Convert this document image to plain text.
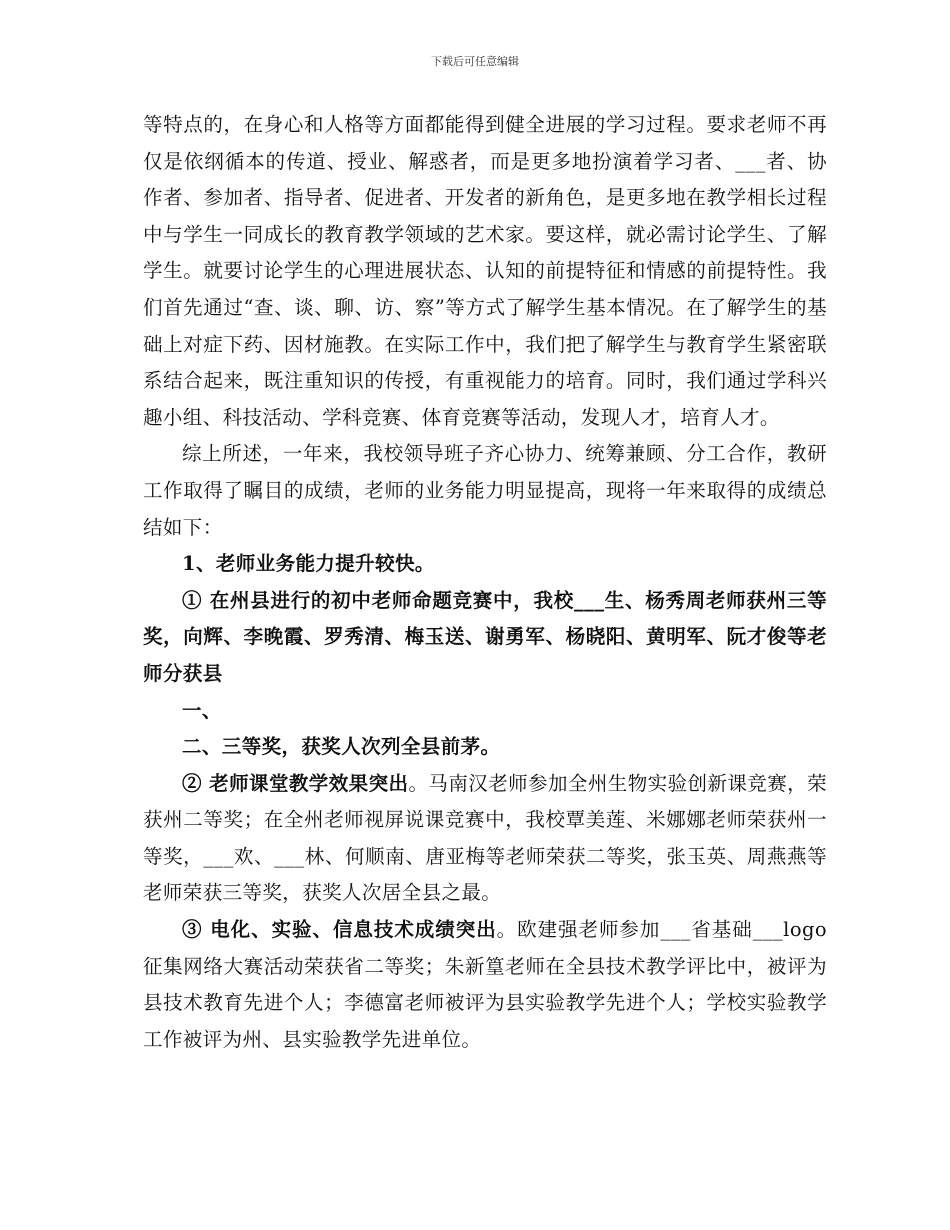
下载后可任意编辑

等特点的，在身心和人格等方面都能得到健全进展的学习过程。要求老师不再仅是依纲循本的传道、授业、解惑者，而是更多地扮演着学习者、___者、协作者、参加者、指导者、促进者、开发者的新角色，是更多地在教学相长过程中与学生一同成长的教育教学领域的艺术家。要这样，就必需讨论学生、了解学生。就要讨论学生的心理进展状态、认知的前提特征和情感的前提特性。我们首先通过“查、谈、聊、访、察”等方式了解学生基本情况。在了解学生的基础上对症下药、因材施教。在实际工作中，我们把了解学生与教育学生紧密联系结合起来，既注重知识的传授，有重视能力的培育。同时，我们通过学科兴趣小组、科技活动、学科竞赛、体育竞赛等活动，发现人才，培育人才。

综上所述，一年来，我校领导班子齐心协力、统筹兼顾、分工合作，教研工作取得了瞩目的成绩，老师的业务能力明显提高，现将一年来取得的成绩总结如下：

1、老师业务能力提升较快。

① 在州县进行的初中老师命题竞赛中，我校___生、杨秀周老师获州三等奖，向辉、李晚霞、罗秀清、梅玉送、谢勇军、杨晓阳、黄明军、阮才俊等老师分获县

一、

二、三等奖，获奖人次列全县前茅。

② 老师课堂教学效果突出。马南汉老师参加全州生物实验创新课竞赛，荣获州二等奖；在全州老师视屏说课竞赛中，我校覃美莲、米娜娜老师荣获州一等奖，___欢、___林、何顺南、唐亚梅等老师荣获二等奖，张玉英、周燕燕等老师荣获三等奖，获奖人次居全县之最。

③ 电化、实验、信息技术成绩突出。欧建强老师参加___省基础___logo征集网络大赛活动荣获省二等奖；朱新篁老师在全县技术教学评比中，被评为县技术教育先进个人；李德富老师被评为县实验教学先进个人；学校实验教学工作被评为州、县实验教学先进单位。
